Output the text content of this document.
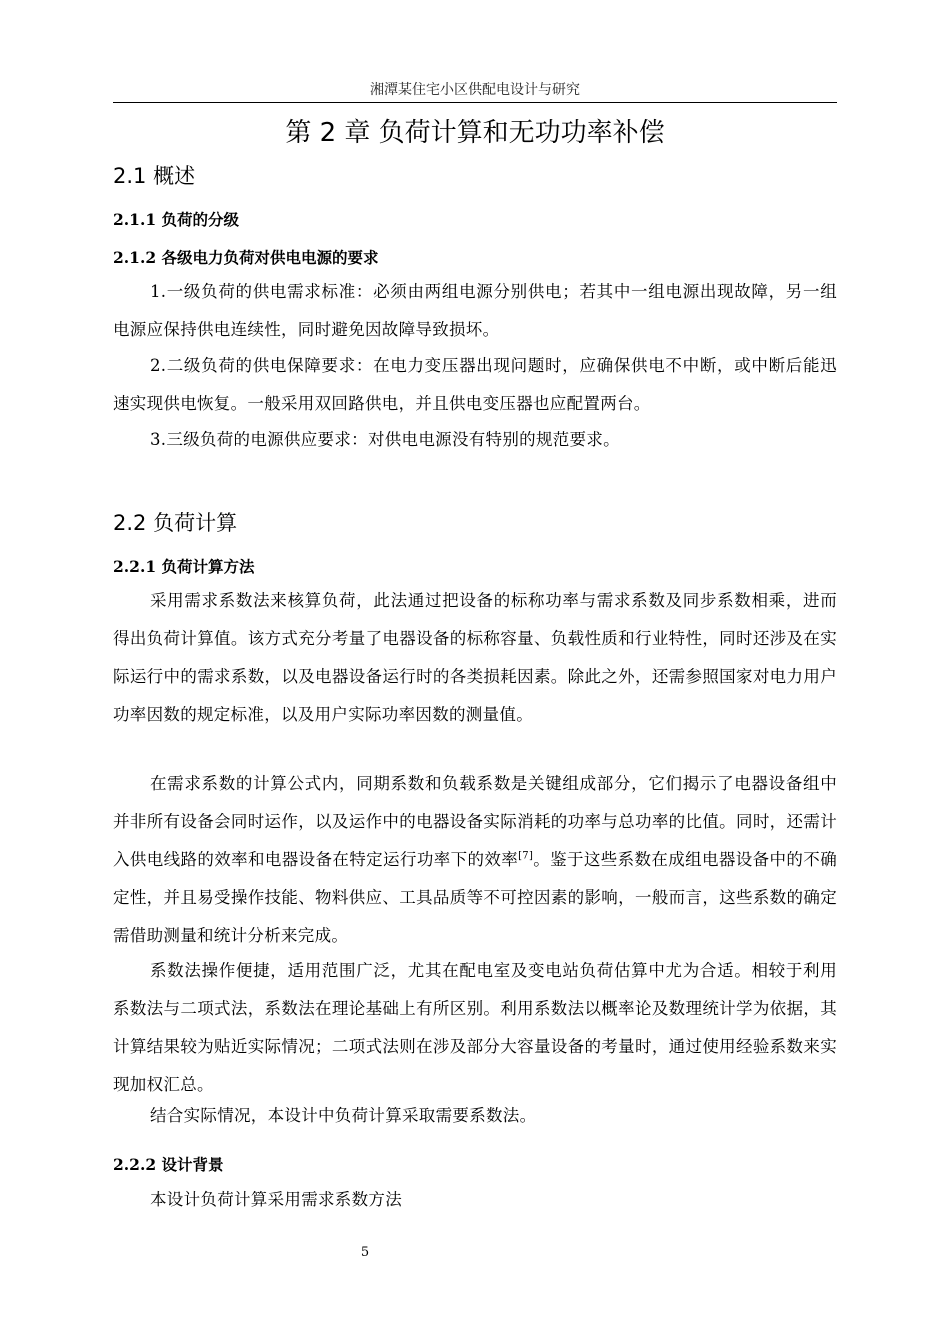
湘潭某住宅小区供配电设计与研究
第 2 章 负荷计算和无功功率补偿
2.1 概述
2.1.1 负荷的分级
2.1.2 各级电力负荷对供电电源的要求

1.一级负荷的供电需求标准：必须由两组电源分别供电；若其中一组电源出现故障，另一组电源应保持供电连续性，同时避免因故障导致损坏。

2.二级负荷的供电保障要求：在电力变压器出现问题时，应确保供电不中断，或中断后能迅速实现供电恢复。一般采用双回路供电，并且供电变压器也应配置两台。

3.三级负荷的电源供应要求：对供电电源没有特别的规范要求。

2.2 负荷计算
2.2.1 负荷计算方法

采用需求系数法来核算负荷，此法通过把设备的标称功率与需求系数及同步系数相乘，进而得出负荷计算值。该方式充分考量了电器设备的标称容量、负载性质和行业特性，同时还涉及在实际运行中的需求系数，以及电器设备运行时的各类损耗因素。除此之外，还需参照国家对电力用户功率因数的规定标准，以及用户实际功率因数的测量值。

在需求系数的计算公式内，同期系数和负载系数是关键组成部分，它们揭示了电器设备组中并非所有设备会同时运作，以及运作中的电器设备实际消耗的功率与总功率的比值。同时，还需计入供电线路的效率和电器设备在特定运行功率下的效率[7]。鉴于这些系数在成组电器设备中的不确定性，并且易受操作技能、物料供应、工具品质等不可控因素的影响，一般而言，这些系数的确定需借助测量和统计分析来完成。

系数法操作便捷，适用范围广泛，尤其在配电室及变电站负荷估算中尤为合适。相较于利用系数法与二项式法，系数法在理论基础上有所区别。利用系数法以概率论及数理统计学为依据，其计算结果较为贴近实际情况；二项式法则在涉及部分大容量设备的考量时，通过使用经验系数来实现加权汇总。

结合实际情况，本设计中负荷计算采取需要系数法。

2.2.2 设计背景

本设计负荷计算采用需求系数方法

5
